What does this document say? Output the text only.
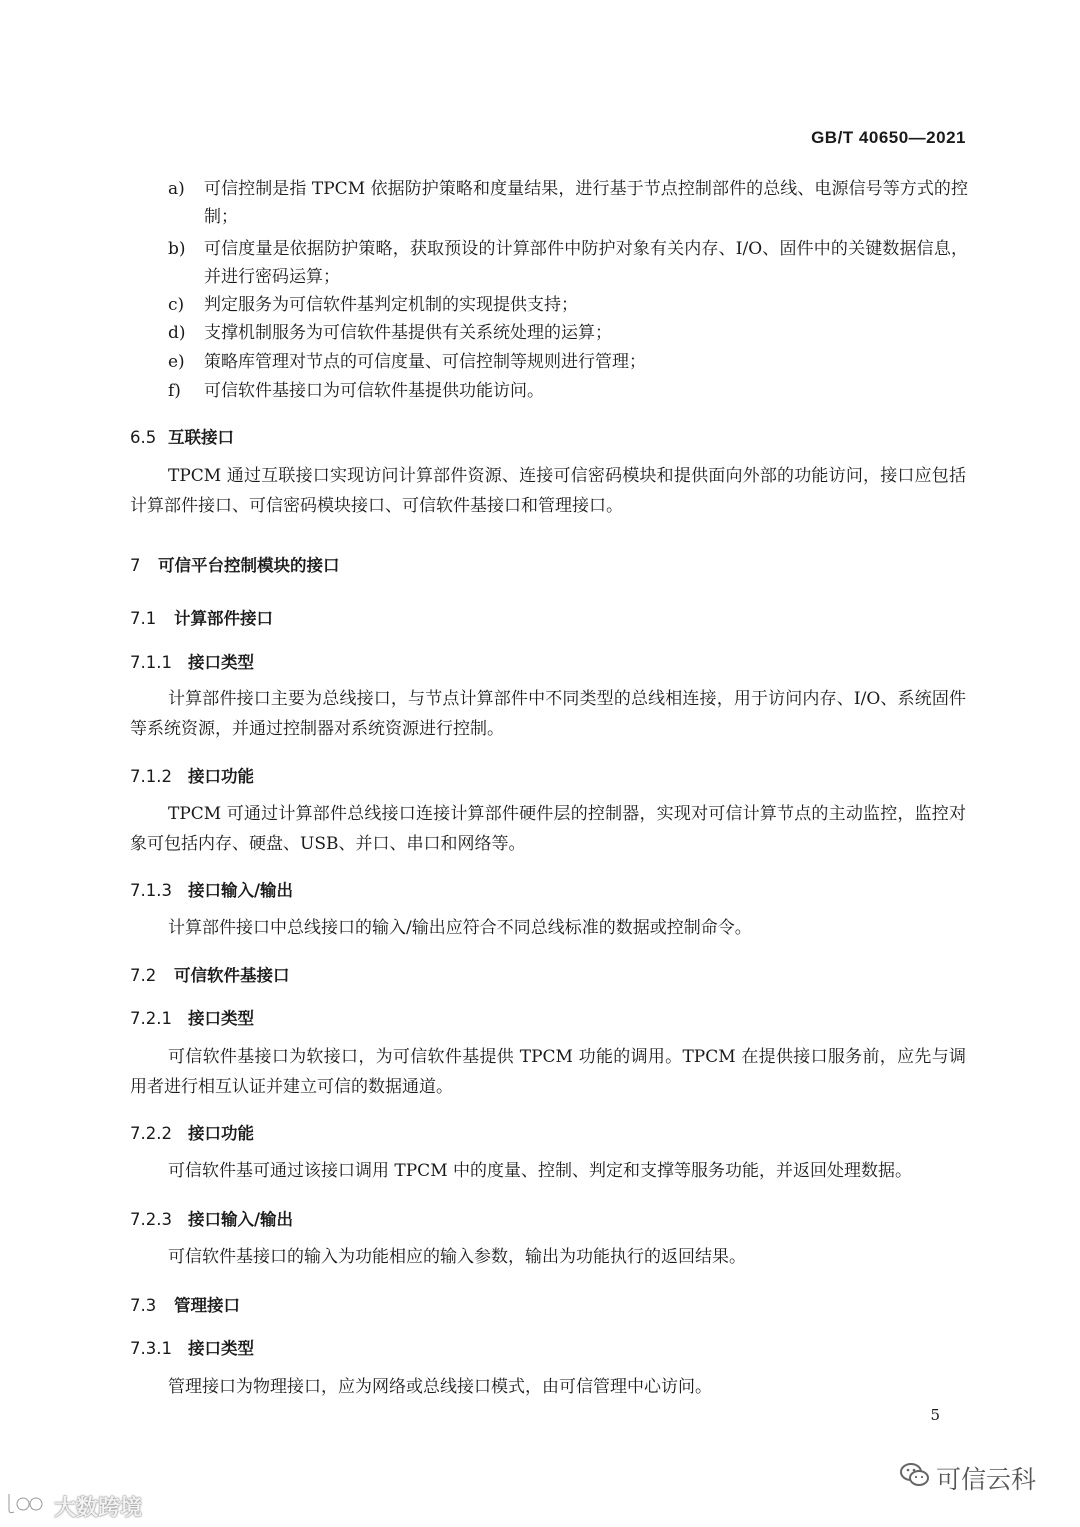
GB/T 40650—2021
a)	可信控制是指 TPCM 依据防护策略和度量结果，进行基于节点控制部件的总线、电源信号等方式的控制；
b)	可信度量是依据防护策略，获取预设的计算部件中防护对象有关内存、I/O、固件中的关键数据信息，并进行密码运算；
c)	判定服务为可信软件基判定机制的实现提供支持；
d)	支撑机制服务为可信软件基提供有关系统处理的运算；
e)	策略库管理对节点的可信度量、可信控制等规则进行管理；
f)	可信软件基接口为可信软件基提供功能访问。
6.5 互联接口
TPCM 通过互联接口实现访问计算部件资源、连接可信密码模块和提供面向外部的功能访问，接口应包括计算部件接口、可信密码模块接口、可信软件基接口和管理接口。
7 可信平台控制模块的接口
7.1 计算部件接口
7.1.1 接口类型
计算部件接口主要为总线接口，与节点计算部件中不同类型的总线相连接，用于访问内存、I/O、系统固件等系统资源，并通过控制器对系统资源进行控制。
7.1.2 接口功能
TPCM 可通过计算部件总线接口连接计算部件硬件层的控制器，实现对可信计算节点的主动监控，监控对象可包括内存、硬盘、USB、并口、串口和网络等。
7.1.3 接口输入/输出
计算部件接口中总线接口的输入/输出应符合不同总线标准的数据或控制命令。
7.2 可信软件基接口
7.2.1 接口类型
可信软件基接口为软接口，为可信软件基提供 TPCM 功能的调用。TPCM 在提供接口服务前，应先与调用者进行相互认证并建立可信的数据通道。
7.2.2 接口功能
可信软件基可通过该接口调用 TPCM 中的度量、控制、判定和支撑等服务功能，并返回处理数据。
7.2.3 接口输入/输出
可信软件基接口的输入为功能相应的输入参数，输出为功能执行的返回结果。
7.3 管理接口
7.3.1 接口类型
管理接口为物理接口，应为网络或总线接口模式，由可信管理中心访问。
5
可信云科
大数跨境
